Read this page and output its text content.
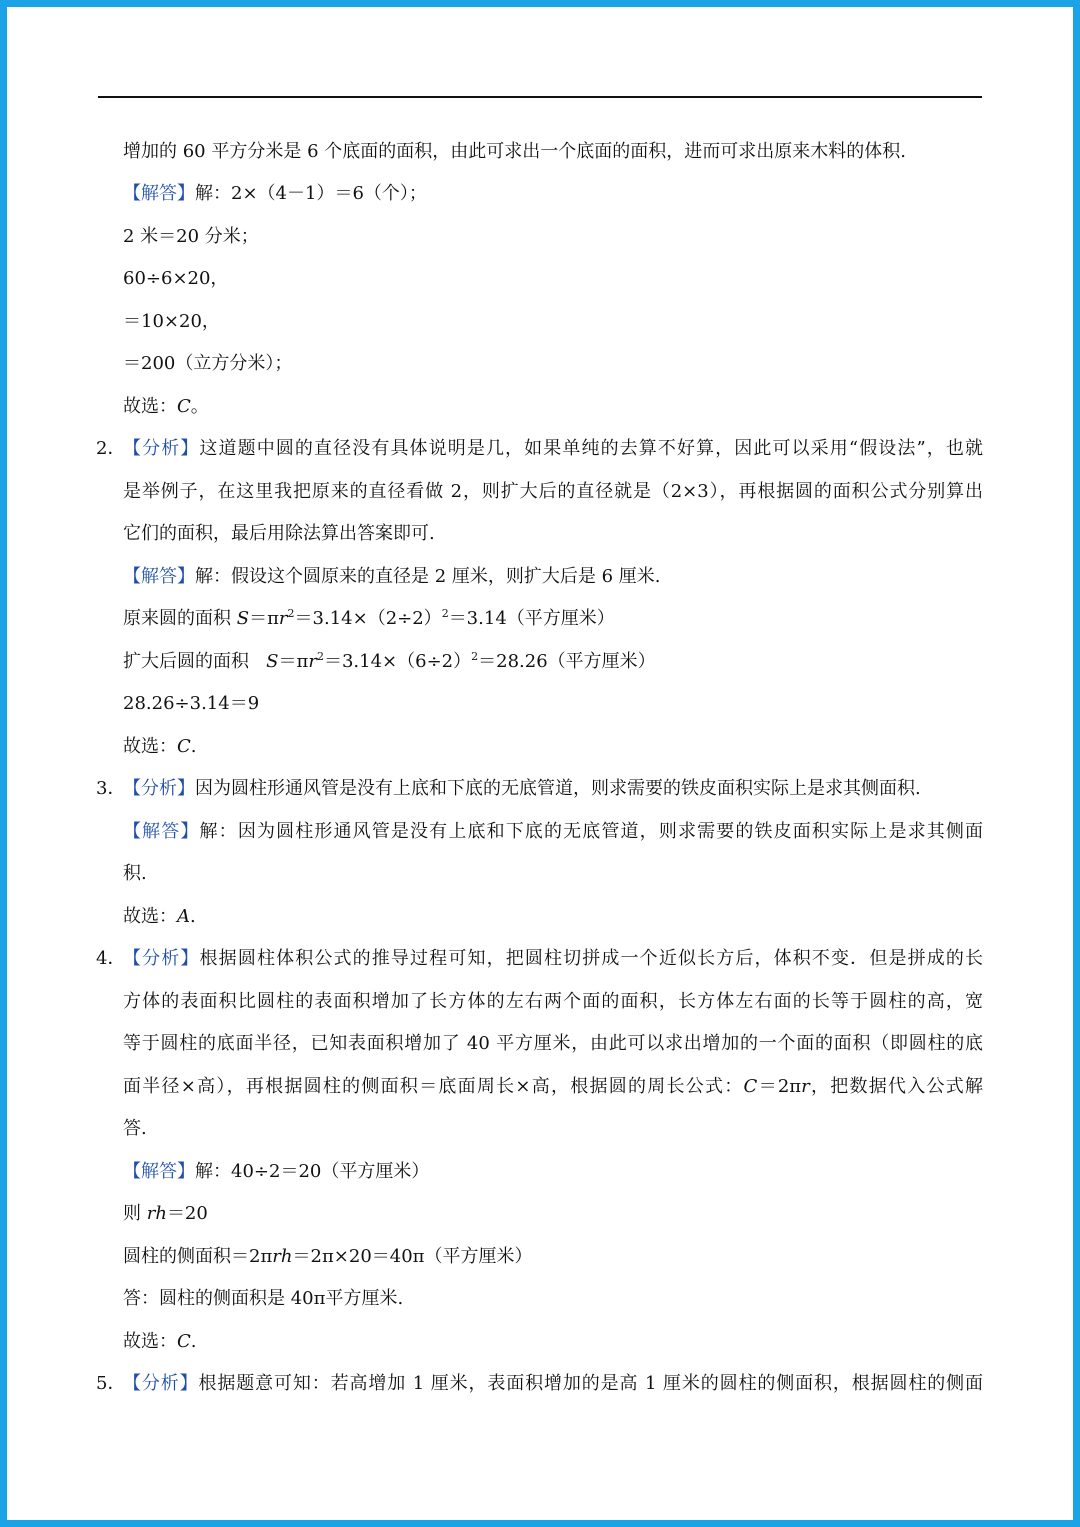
增加的 60 平方分米是 6 个底面的面积，由此可求出一个底面的面积，进而可求出原来木料的体积.
【解答】解：2×（4－1）＝6（个）；
2 米＝20 分米；
60÷6×20，
＝10×20，
＝200（立方分米）；
故选：C。
2．
【分析】这道题中圆的直径没有具体说明是几，如果单纯的去算不好算，因此可以采用“假设法”，也就
是举例子，在这里我把原来的直径看做 2，则扩大后的直径就是（2×3），再根据圆的面积公式分别算出
它们的面积，最后用除法算出答案即可.
【解答】解：假设这个圆原来的直径是 2 厘米，则扩大后是 6 厘米.
原来圆的面积 $S=\pi r^2=3.14\times(2\div 2)^2=3.14$（平方厘米）
扩大后圆的面积   $S=\pi r^2=3.14\times(6\div 2)^2=28.26$（平方厘米）
28.26÷3.14＝9
故选：C.
3．
【分析】因为圆柱形通风管是没有上底和下底的无底管道，则求需要的铁皮面积实际上是求其侧面积.
【解答】解：因为圆柱形通风管是没有上底和下底的无底管道，则求需要的铁皮面积实际上是求其侧面
积.
故选：A.
4．
【分析】根据圆柱体积公式的推导过程可知，把圆柱切拼成一个近似长方后，体积不变．但是拼成的长
方体的表面积比圆柱的表面积增加了长方体的左右两个面的面积，长方体左右面的长等于圆柱的高，宽
等于圆柱的底面半径，已知表面积增加了 40 平方厘米，由此可以求出增加的一个面的面积（即圆柱的底
面半径×高），再根据圆柱的侧面积＝底面周长×高，根据圆的周长公式：C＝2πr，把数据代入公式解
答.
【解答】解：40÷2＝20（平方厘米）
则 rh＝20
圆柱的侧面积＝2πrh＝2π×20＝40π（平方厘米）
答：圆柱的侧面积是 40π平方厘米.
故选：C.
5．
【分析】根据题意可知：若高增加 1 厘米，表面积增加的是高 1 厘米的圆柱的侧面积，根据圆柱的侧面
